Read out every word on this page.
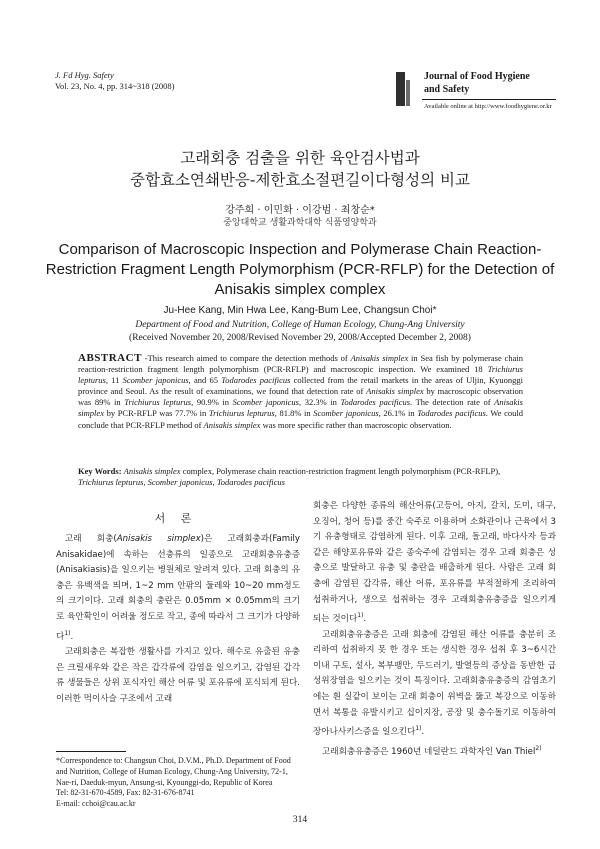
J. Fd Hyg. Safety
Vol. 23, No. 4, pp. 314~318 (2008)
Journal of Food Hygiene
and Safety
Available online at http://www.foodhygiene.or.kr
고래회충 검출을 위한 육안검사법과
중합효소연쇄반응-제한효소절편길이다형성의 비교
강주희 · 이민화 · 이강범 · 최창순*
중앙대학교 생활과학대학 식품영양학과
Comparison of Macroscopic Inspection and Polymerase Chain Reaction-
Restriction Fragment Length Polymorphism (PCR-RFLP) for the Detection of
Anisakis simplex complex
Ju-Hee Kang, Min Hwa Lee, Kang-Bum Lee, Changsun Choi*
Department of Food and Nutrition, College of Human Ecology, Chung-Ang University
(Received November 20, 2008/Revised November 29, 2008/Accepted December 2, 2008)
ABSTRACT -This research aimed to compare the detection methods of Anisakis simplex in Sea fish by polymerase chain reaction-restriction fragment length polymorphism (PCR-RFLP) and macroscopic inspection. We examined 18 Trichiurus lepturus, 11 Scomber japonicus, and 65 Todarodes pacificus collected from the retail markets in the areas of Uljin, Kyuonggi province and Seoul. As the result of examinations, we found that detection rate of Anisakis simplex by macroscopic observation was 89% in Trichiurus lepturus, 90.9% in Scomber japonicus, 32.3% in Todarodes pacificus. The detection rate of Anisakis simplex by PCR-RFLP was 77.7% in Trichiurus lepturus, 81.8% in Scomber japonicus, 26.1% in Todarodes pacificus. We could conclude that PCR-RFLP method of Anisakis simplex was more specific rather than macroscopic observation.
Key Words: Anisakis simplex complex, Polymerase chain reaction-restriction fragment length polymorphism (PCR-RFLP), Trichiurus lepturus, Scomber japonicus, Todarodes pacificus
서 론

고래 회충(Anisakis simplex)은 고래회충과(Family Anisakidae)에 속하는 선충류의 일종으로 고래회충유충증(Anisakiasis)을 일으키는 병원체로 알려져 있다. 고래 회충의 유충은 유백색을 띄며, 1~2 mm 안팎의 둘레와 10~20 mm정도의 크기이다. 고래 회충의 충란은 0.05mm × 0.05mm의 크기로 육안확인이 어려울 정도로 작고, 종에 따라서 그 크기가 다양하다$^{1)}$.

고래회충은 복잡한 생활사를 가지고 있다. 해수로 유출된 유충은 크릴새우와 같은 작은 갑각류에 감염을 일으키고, 감염된 갑각류 생물들은 상위 포식자인 해산 어류 및 포유류에 포식되게 된다. 이러한 먹이사슬 구조에서 고래

회충은 다양한 종류의 해산어류(고등어, 아지, 갈치, 도미, 대구, 오징어, 청어 등)를 중간 숙주로 이용하며 소화관이나 근육에서 3기 유충형태로 감염하게 된다. 이후 고래, 돌고래, 바다사자 등과 같은 해양포유류와 같은 종숙주에 감염되는 경우 고래 회충은 성충으로 발달하고 유충 및 충란을 배출하게 된다. 사람은 고래 회충에 감염된 갑각류, 해산 어류, 포유류를 부적절하게 조리하여 섭취하거나, 생으로 섭취하는 경우 고래회충유충증을 일으키게 되는 것이다$^{1)}$.

고래회충유충증은 고래 회충에 감염된 해산 어류를 충분히 조리하여 섭취하지 못 한 경우 또는 생식한 경우 섭취 후 3~6시간이내 구토, 설사, 복부팽만, 두드러기, 발열등의 증상을 동반한 급성위장염을 일으키는 것이 특징이다. 고래회충유충증의 감염초기에는 흰 실같이 보이는 고래 회충이 위벽을 뚫고 복강으로 이동하면서 복통을 유발시키고 십이지장, 공장 및 충수돌기로 이동하여 장아나사키스증을 일으킨다$^{1)}$.

고래회충유충증은 1960년 네덜란드 과학자인 Van Thiel$^{2)}$

*Correspondence to: Changsun Choi, D.V.M., Ph.D. Department of Food and Nutrition, College of Human Ecology, Chung-Ang University, 72-1, Nae-ri, Daeduk-myun, Ansung-si, Kyounggi-do, Republic of Korea
Tel: 82-31-670-4589, Fax: 82-31-676-8741
E-mail: cchoi@cau.ac.kr
314
